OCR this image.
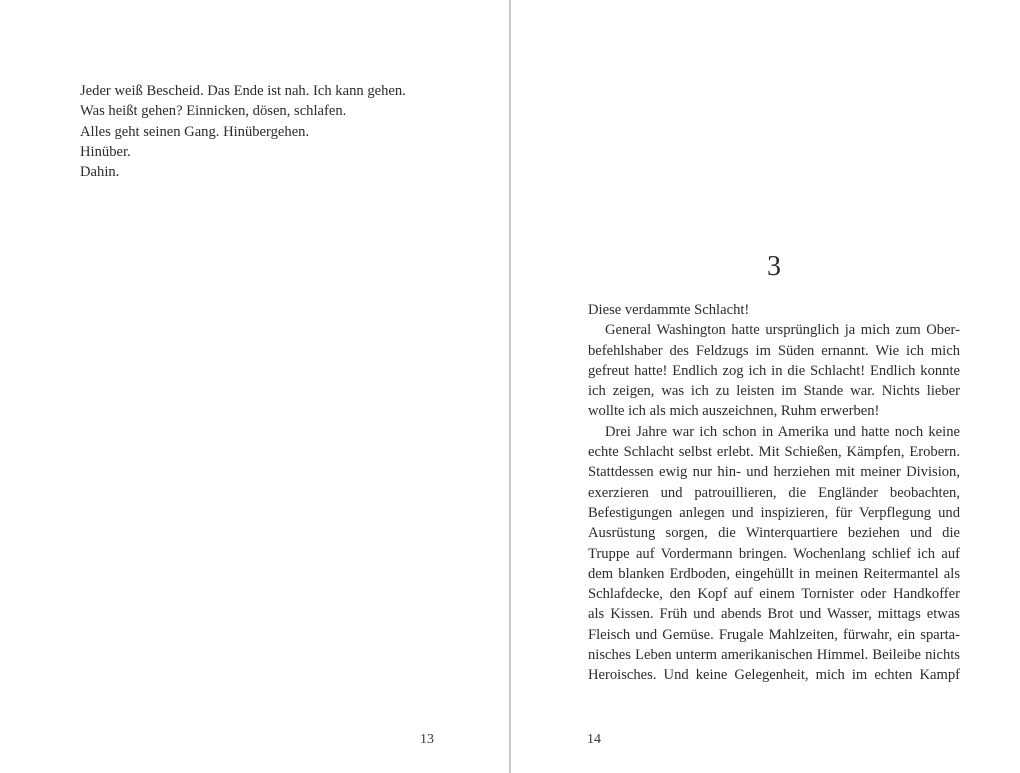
Jeder weiß Bescheid. Das Ende ist nah. Ich kann gehen.
Was heißt gehen? Einnicken, dösen, schlafen.
Alles geht seinen Gang. Hinübergehen.
Hinüber.
Dahin.
3
Diese verdammte Schlacht!
General Washington hatte ursprünglich ja mich zum Ober-
befehlshaber des Feldzugs im Süden ernannt. Wie ich mich
gefreut hatte! Endlich zog ich in die Schlacht! Endlich konnte
ich zeigen, was ich zu leisten im Stande war. Nichts lieber
wollte ich als mich auszeichnen, Ruhm erwerben!
Drei Jahre war ich schon in Amerika und hatte noch keine
echte Schlacht selbst erlebt. Mit Schießen, Kämpfen, Erobern.
Stattdessen ewig nur hin- und herziehen mit meiner Division,
exerzieren und patrouillieren, die Engländer beobachten,
Befestigungen anlegen und inspizieren, für Verpflegung und
Ausrüstung sorgen, die Winterquartiere beziehen und die
Truppe auf Vordermann bringen. Wochenlang schlief ich auf
dem blanken Erdboden, eingehüllt in meinen Reitermantel als
Schlafdecke, den Kopf auf einem Tornister oder Handkoffer
als Kissen. Früh und abends Brot und Wasser, mittags etwas
Fleisch und Gemüse. Frugale Mahlzeiten, fürwahr, ein sparta-
nisches Leben unterm amerikanischen Himmel. Beileibe nichts
Heroisches. Und keine Gelegenheit, mich im echten Kampf
13	14
